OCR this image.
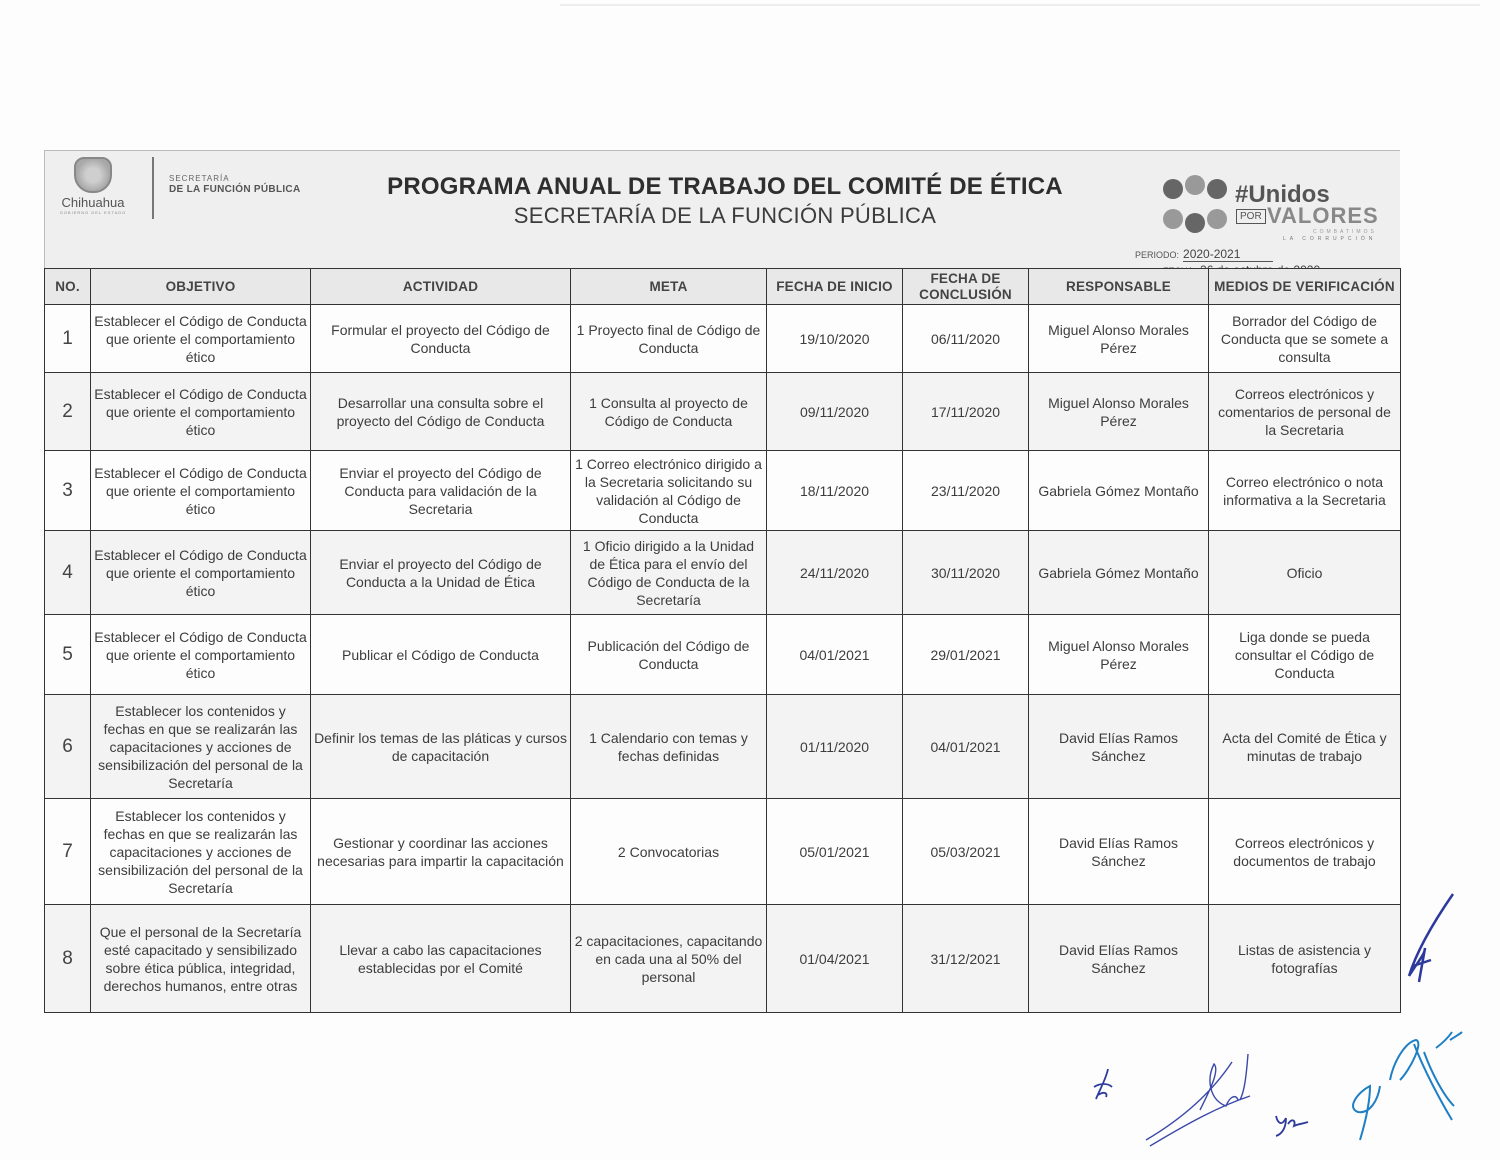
Chihuahua
GOBIERNO DEL ESTADO
SECRETARÍA
DE LA FUNCIÓN PÚBLICA	PROGRAMA ANUAL DE TRABAJO DEL COMITÉ DE ÉTICA
SECRETARÍA DE LA FUNCIÓN PÚBLICA
#Unidos
POR VALORES
COMBATIMOS
LA CORRUPCIÓN
PERIODO: 2020-2021
NO.	OBJETIVO	ACTIVIDAD	META	FECHA DE INICIO	FECHA DE CONCLUSIÓN	RESPONSABLE	MEDIOS DE VERIFICACIÓN
1	Establecer el Código de Conducta que oriente el comportamiento ético	Formular el proyecto del Código de Conducta	1 Proyecto final de Código de Conducta	19/10/2020	06/11/2020	Miguel Alonso Morales Pérez	Borrador del Código de Conducta que se somete a consulta
2	Establecer el Código de Conducta que oriente el comportamiento ético	Desarrollar una consulta sobre el proyecto del Código de Conducta	1 Consulta al proyecto de Código de Conducta	09/11/2020	17/11/2020	Miguel Alonso Morales Pérez	Correos electrónicos y comentarios de personal de la Secretaria
3	Establecer el Código de Conducta que oriente el comportamiento ético	Enviar el proyecto del Código de Conducta para validación de la Secretaria	1 Correo electrónico dirigido a la Secretaria solicitando su validación al Código de Conducta	18/11/2020	23/11/2020	Gabriela Gómez Montaño	Correo electrónico o nota informativa a la Secretaria
4	Establecer el Código de Conducta que oriente el comportamiento ético	Enviar el proyecto del Código de Conducta a la Unidad de Ética	1 Oficio dirigido a la Unidad de Ética para el envío del Código de Conducta de la Secretaría	24/11/2020	30/11/2020	Gabriela Gómez Montaño	Oficio
5	Establecer el Código de Conducta que oriente el comportamiento ético	Publicar el Código de Conducta	Publicación del Código de Conducta	04/01/2021	29/01/2021	Miguel Alonso Morales Pérez	Liga donde se pueda consultar el Código de Conducta
6	Establecer los contenidos y fechas en que se realizarán las capacitaciones y acciones de sensibilización del personal de la Secretaría	Definir los temas de las pláticas y cursos de capacitación	1 Calendario con temas y fechas definidas	01/11/2020	04/01/2021	David Elías Ramos Sánchez	Acta del Comité de Ética y minutas de trabajo
7	Establecer los contenidos y fechas en que se realizarán las capacitaciones y acciones de sensibilización del personal de la Secretaría	Gestionar y coordinar las acciones necesarias para impartir la capacitación	2 Convocatorias	05/01/2021	05/03/2021	David Elías Ramos Sánchez	Correos electrónicos y documentos de trabajo
8	Que el personal de la Secretaría esté capacitado y sensibilizado sobre ética pública, integridad, derechos humanos, entre otras	Llevar a cabo las capacitaciones establecidas por el Comité	2 capacitaciones, capacitando en cada una al 50% del personal	01/04/2021	31/12/2021	David Elías Ramos Sánchez	Listas de asistencia y fotografías
